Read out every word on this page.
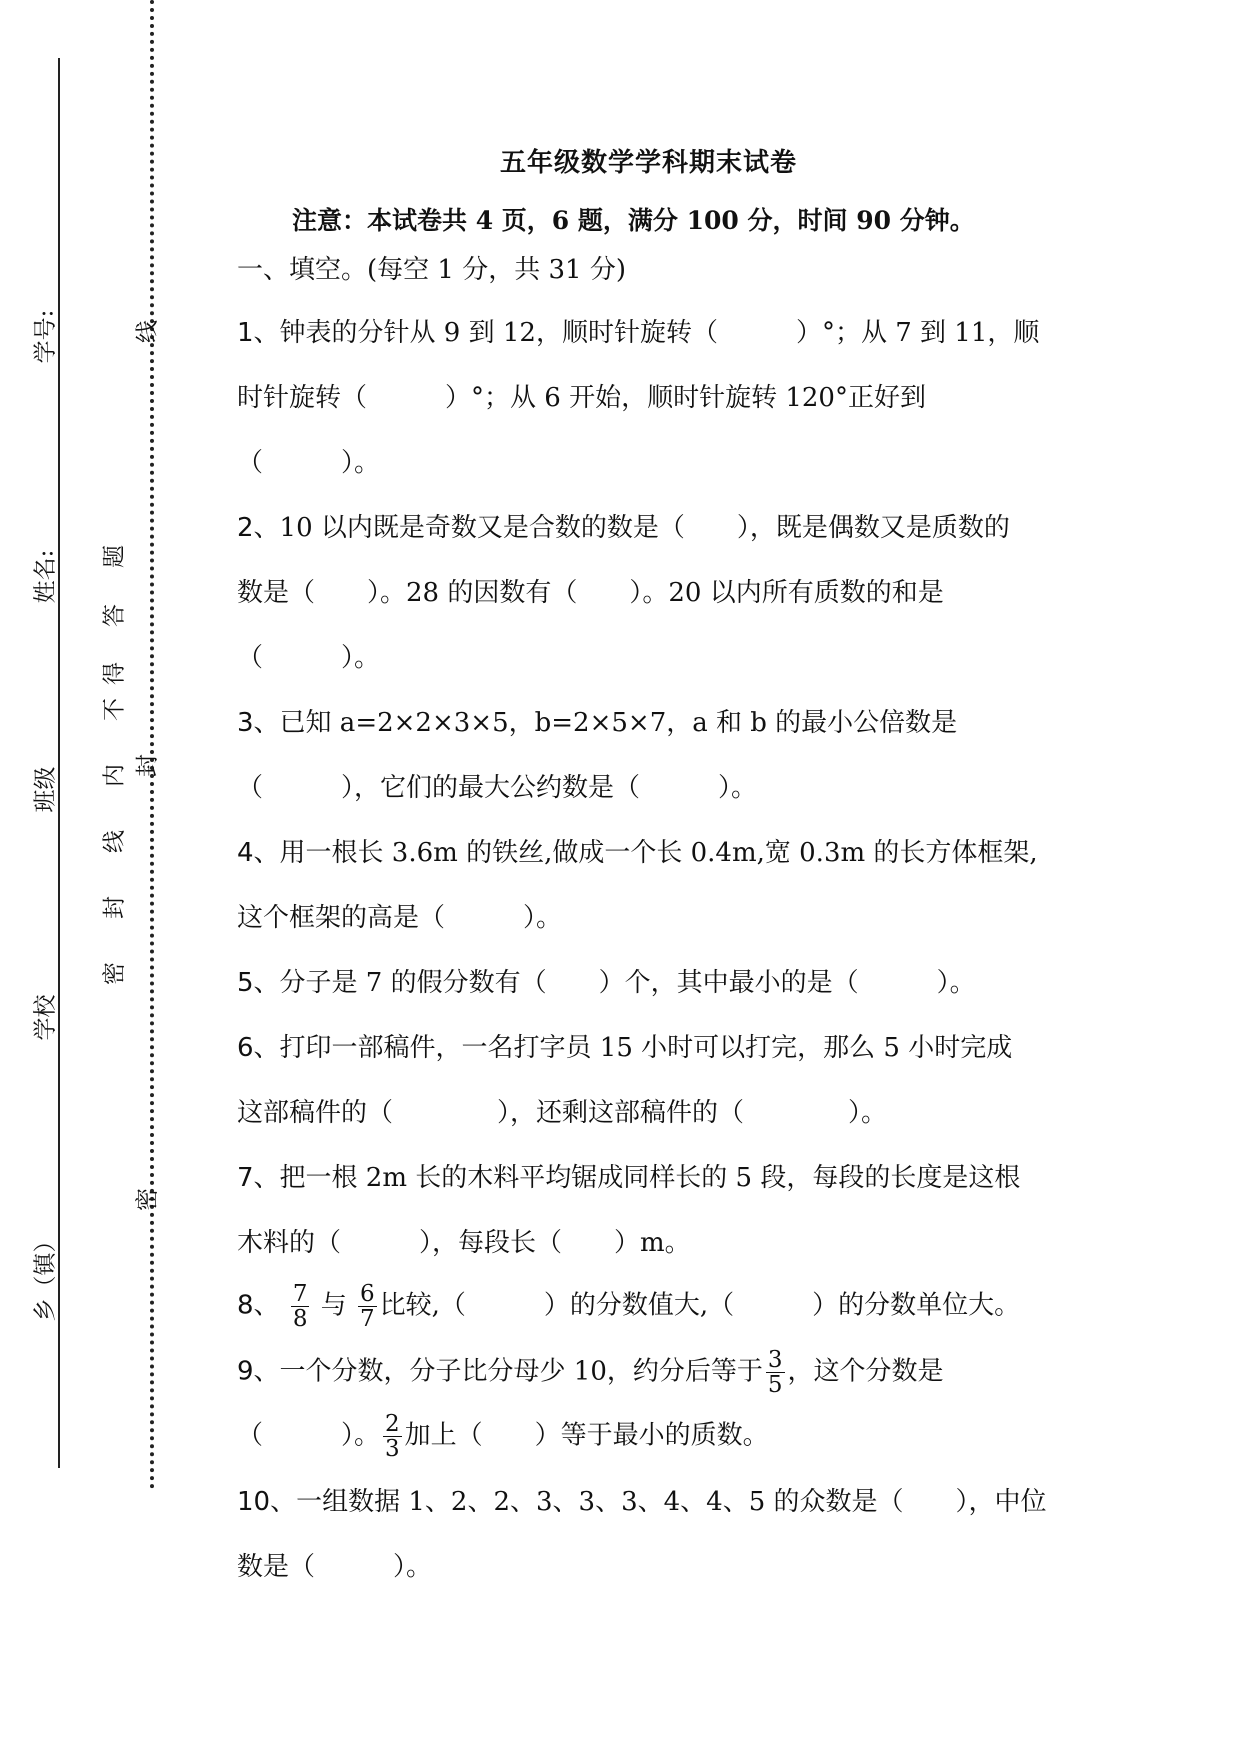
学号:
姓名:
班级
学校
乡（镇）
线
密
封
线
内
不
得
答
题
封
密
五年级数学学科期末试卷
注意：本试卷共 4 页，6 题，满分 100 分，时间 90 分钟。
一、填空。(每空 1 分，共 31 分)
1、钟表的分针从 9 到 12，顺时针旋转（　　　）°；从 7 到 11，顺
时针旋转（　　　）°；从 6 开始，顺时针旋转 120°正好到
（　　　）。
2、10 以内既是奇数又是合数的数是（　　），既是偶数又是质数的
数是（　　）。28 的因数有（　　）。20 以内所有质数的和是
（　　　）。
3、已知 a=2×2×3×5，b=2×5×7，a 和 b 的最小公倍数是
（　　　），它们的最大公约数是（　　　）。
4、用一根长 3.6m 的铁丝,做成一个长 0.4m,宽 0.3m 的长方体框架,
这个框架的高是（　　　）。
5、分子是 7 的假分数有（　　）个，其中最小的是（　　　）。
6、打印一部稿件，一名打字员 15 小时可以打完，那么 5 小时完成
这部稿件的（　　　　），还剩这部稿件的（　　　　）。
7、把一根 2m 长的木料平均锯成同样长的 5 段，每段的长度是这根
木料的（　　　），每段长（　　）m。
8、 $\frac{7}{8}$ 与 $\frac{6}{7}$ 比较,（　　　）的分数值大,（　　　）的分数单位大。
9、一个分数，分子比分母少 10，约分后等于 $\frac{3}{5}$ ，这个分数是
（　　　）。 $\frac{2}{3}$ 加上（　　）等于最小的质数。
10、一组数据 1、2、2、3、3、3、4、4、5 的众数是（　　），中位
数是（　　　）。
